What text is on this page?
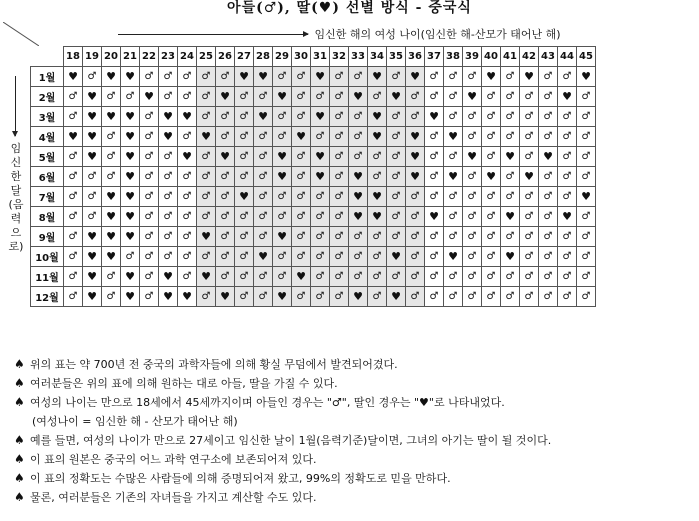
아들(♂), 딸(♥) 선별 방식 - 중국식
임신한 해의 여성 나이(임신한 해-산모가 태어난 해)
임신한달(음력으로)
	18	19	20	21	22	23	24	25	26	27	28	29	30	31	32	33	34	35	36	37	38	39	40	41	42	43	44	45
1월	♥	♂	♥	♥	♂	♂	♂	♂	♂	♥	♥	♂	♂	♥	♂	♂	♥	♂	♥	♂	♂	♂	♥	♂	♥	♂	♂	♥
2월	♂	♥	♂	♂	♥	♂	♂	♂	♥	♂	♂	♥	♂	♂	♂	♥	♂	♥	♂	♂	♂	♥	♂	♂	♂	♂	♥	♂
3월	♂	♥	♥	♥	♂	♥	♥	♂	♂	♂	♥	♂	♂	♥	♂	♂	♥	♂	♂	♥	♂	♂	♂	♂	♂	♂	♂	♂
4월	♥	♥	♂	♥	♂	♥	♂	♥	♂	♂	♂	♂	♥	♂	♂	♂	♥	♂	♥	♂	♥	♂	♂	♂	♂	♂	♂	♂
5월	♂	♥	♂	♥	♂	♂	♥	♂	♥	♂	♂	♥	♂	♥	♂	♂	♂	♂	♥	♂	♂	♥	♂	♥	♂	♥	♂	♂
6월	♂	♂	♂	♥	♂	♂	♂	♂	♂	♂	♂	♥	♂	♥	♂	♥	♂	♂	♥	♂	♥	♂	♥	♂	♥	♂	♂	♂
7월	♂	♂	♥	♥	♂	♂	♂	♂	♂	♥	♂	♂	♂	♂	♂	♥	♥	♂	♂	♂	♂	♂	♂	♂	♂	♂	♂	♥
8월	♂	♂	♥	♥	♂	♂	♂	♂	♂	♂	♂	♂	♂	♂	♂	♥	♥	♂	♂	♥	♂	♂	♂	♥	♂	♂	♥	♂
9월	♂	♥	♥	♥	♂	♂	♂	♥	♂	♂	♂	♥	♂	♂	♂	♂	♂	♂	♂	♂	♂	♂	♂	♂	♂	♂	♂	♂
10월	♂	♥	♥	♂	♂	♂	♂	♂	♂	♂	♥	♂	♂	♂	♂	♂	♂	♥	♂	♂	♥	♂	♂	♥	♂	♂	♂	♂
11월	♂	♥	♂	♥	♂	♥	♂	♥	♂	♂	♂	♂	♥	♂	♂	♂	♂	♂	♂	♂	♂	♂	♂	♂	♂	♂	♂	♂
12월	♂	♥	♂	♥	♂	♥	♥	♂	♥	♂	♂	♥	♂	♂	♂	♥	♂	♥	♂	♂	♂	♂	♂	♂	♂	♂	♂	♂
♠ 위의 표는 약 700년 전 중국의 과학자들에 의해 황실 무덤에서 발견되어겼다.
♠ 여러분들은 위의 표에 의해 원하는 대로 아들, 딸을 가질 수 있다.
♠ 여성의 나이는 만으로 18세에서 45세까지이며 아들인 경우는 "♂", 딸인 경우는 "♥"로 나타내었다.
(여성나이 = 임신한 해 - 산모가 태어난 해)
♠ 예를 들면, 여성의 나이가 만으로 27세이고 임신한 날이 1월(음력기준)달이면, 그녀의 아기는 딸이 될 것이다.
♠ 이 표의 원본은 중국의 어느 과학 연구소에 보존되어져 있다.
♠ 이 표의 정확도는 수많은 사람들에 의해 증명되어져 왔고, 99%의 정확도로 믿을 만하다.
♠ 물론, 여러분들은 기존의 자녀들을 가지고 계산할 수도 있다.
